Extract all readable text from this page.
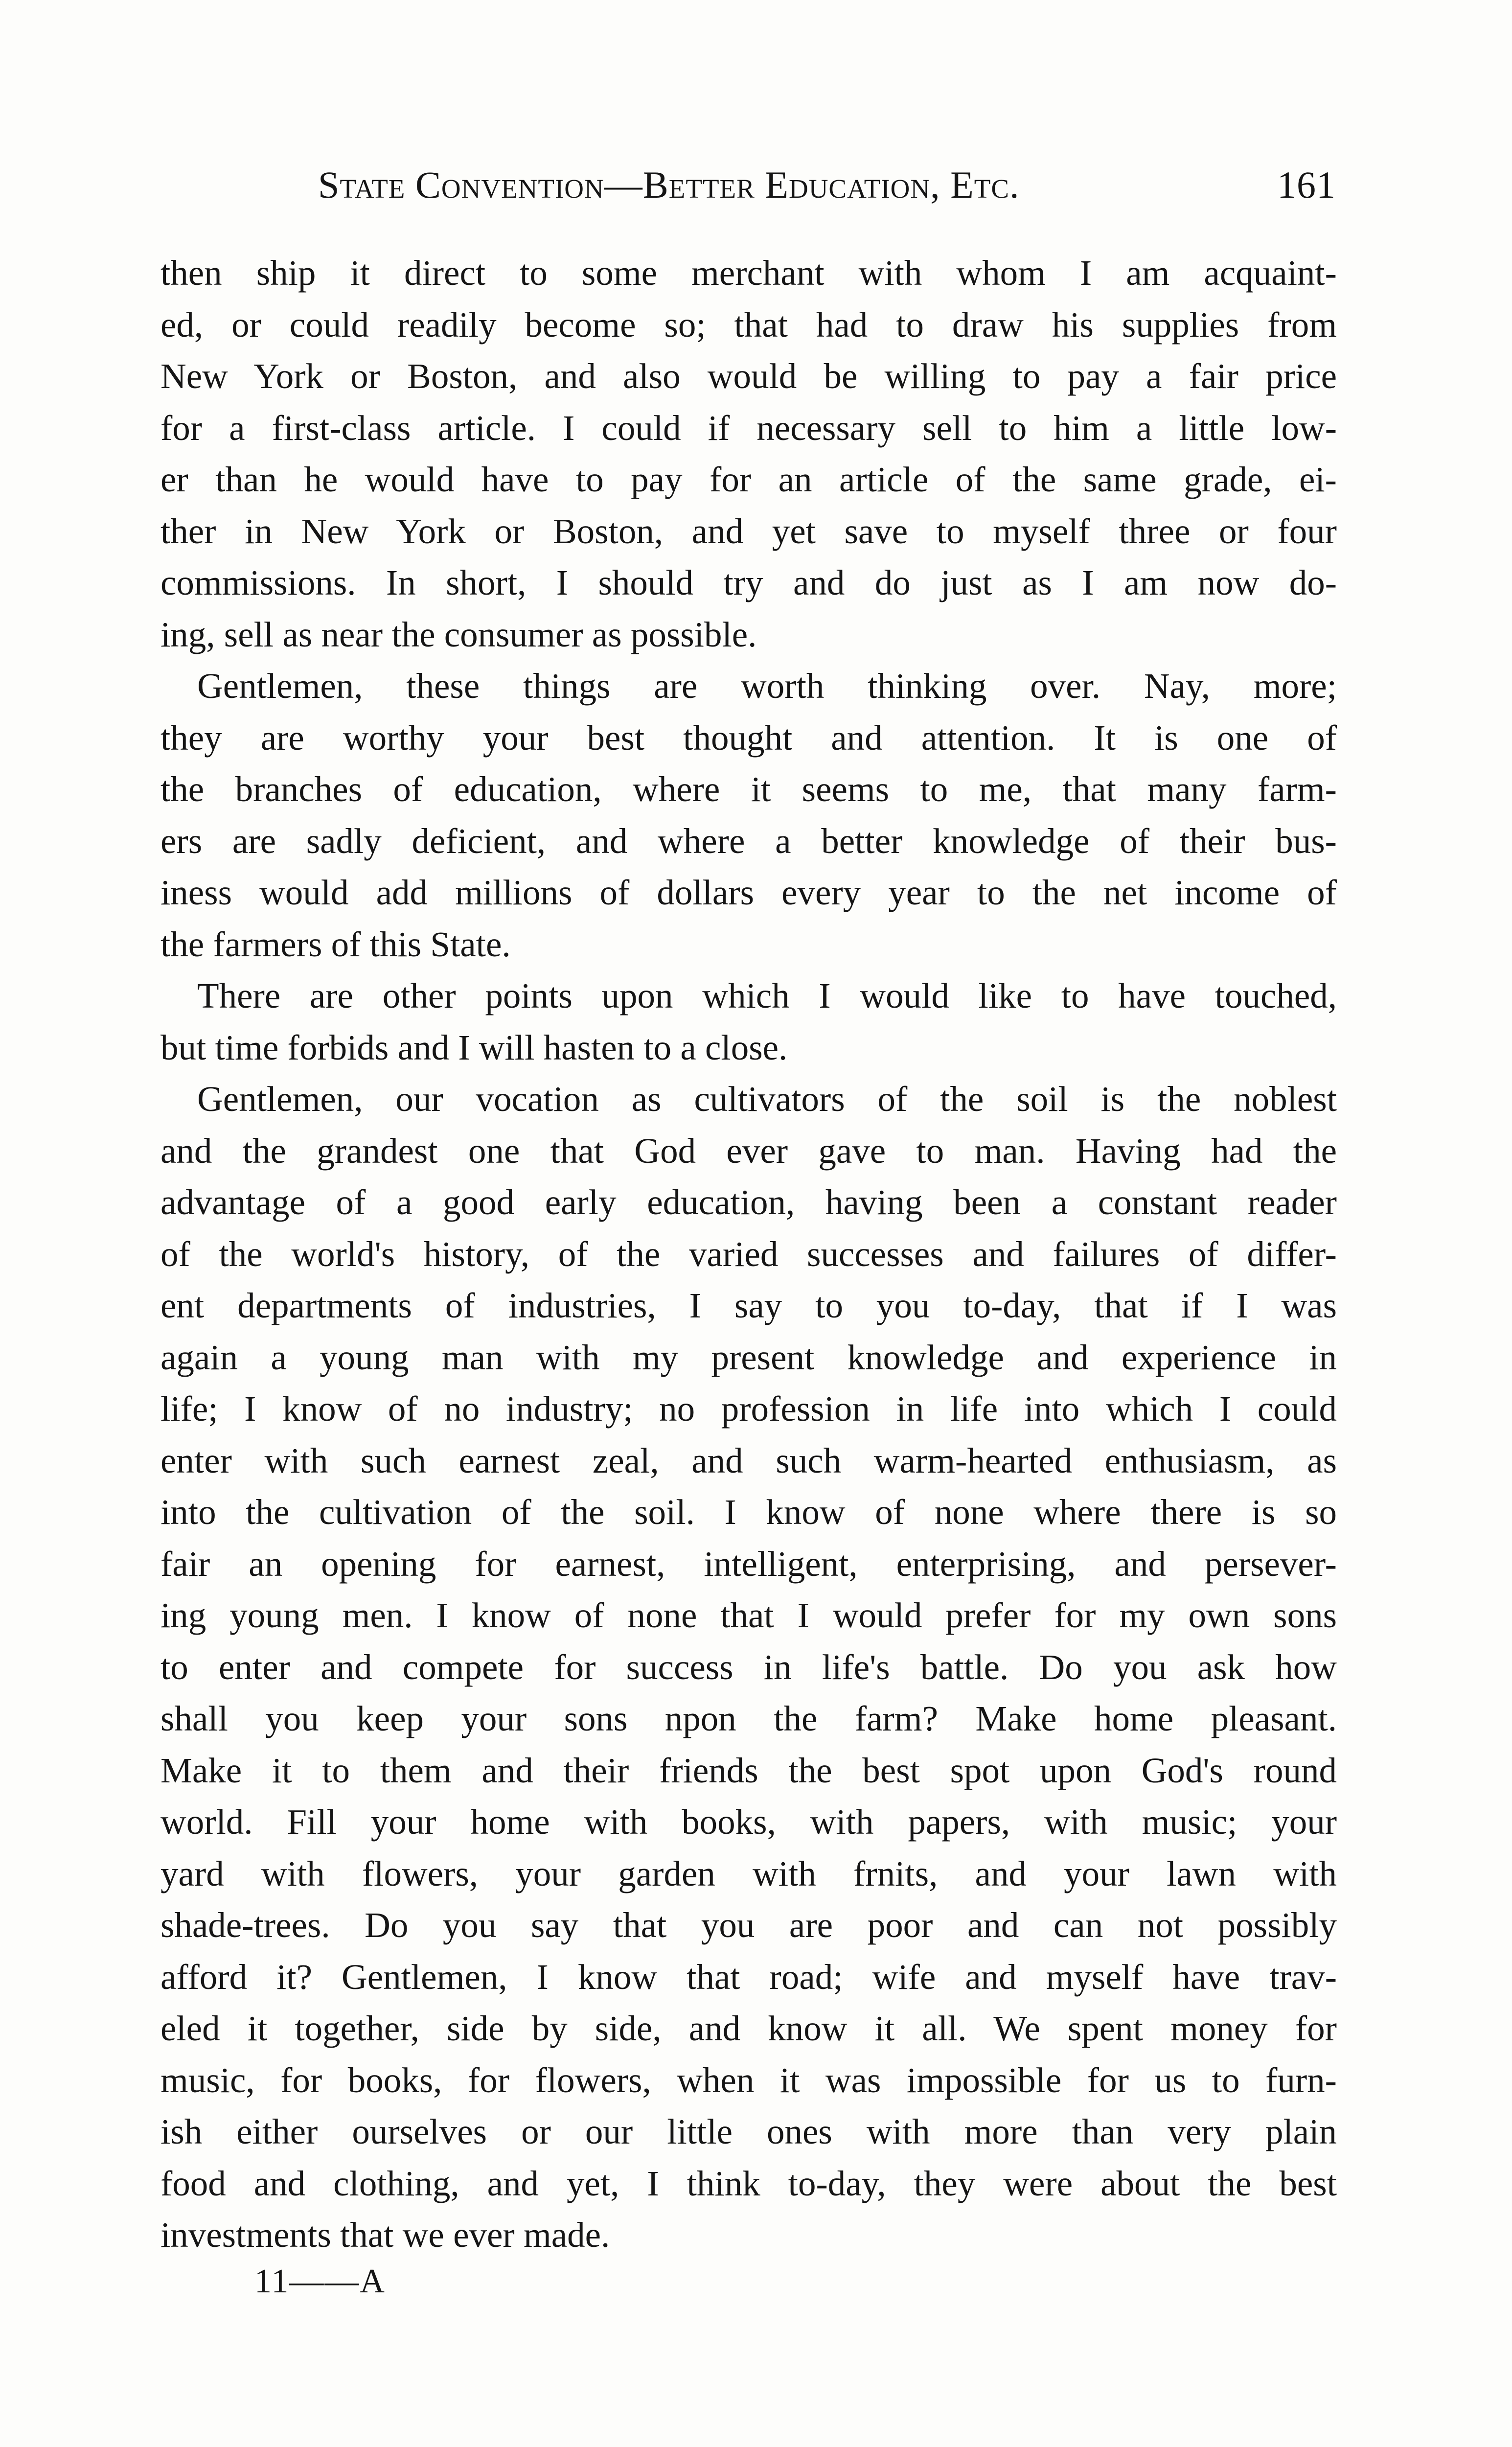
State Convention—Better Education, Etc.	161

then ship it direct to some merchant with whom I am acquaint-
ed, or could readily become so; that had to draw his supplies from
New York or Boston, and also would be willing to pay a fair price
for a first-class article. I could if necessary sell to him a little low-
er than he would have to pay for an article of the same grade, ei-
ther in New York or Boston, and yet save to myself three or four
commissions. In short, I should try and do just as I am now do-
ing, sell as near the consumer as possible.

Gentlemen, these things are worth thinking over. Nay, more;
they are worthy your best thought and attention. It is one of
the branches of education, where it seems to me, that many farm-
ers are sadly deficient, and where a better knowledge of their bus-
iness would add millions of dollars every year to the net income of
the farmers of this State.

There are other points upon which I would like to have touched,
but time forbids and I will hasten to a close.

Gentlemen, our vocation as cultivators of the soil is the noblest
and the grandest one that God ever gave to man. Having had the
advantage of a good early education, having been a constant reader
of the world's history, of the varied successes and failures of differ-
ent departments of industries, I say to you to-day, that if I was
again a young man with my present knowledge and experience in
life; I know of no industry; no profession in life into which I could
enter with such earnest zeal, and such warm-hearted enthusiasm, as
into the cultivation of the soil. I know of none where there is so
fair an opening for earnest, intelligent, enterprising, and persever-
ing young men. I know of none that I would prefer for my own sons
to enter and compete for success in life's battle. Do you ask how
shall you keep your sons npon the farm? Make home pleasant.
Make it to them and their friends the best spot upon God's round
world. Fill your home with books, with papers, with music; your
yard with flowers, your garden with frnits, and your lawn with
shade-trees. Do you say that you are poor and can not possibly
afford it? Gentlemen, I know that road; wife and myself have trav-
eled it together, side by side, and know it all. We spent money for
music, for books, for flowers, when it was impossible for us to furn-
ish either ourselves or our little ones with more than very plain
food and clothing, and yet, I think to-day, they were about the best
investments that we ever made.

11——A
